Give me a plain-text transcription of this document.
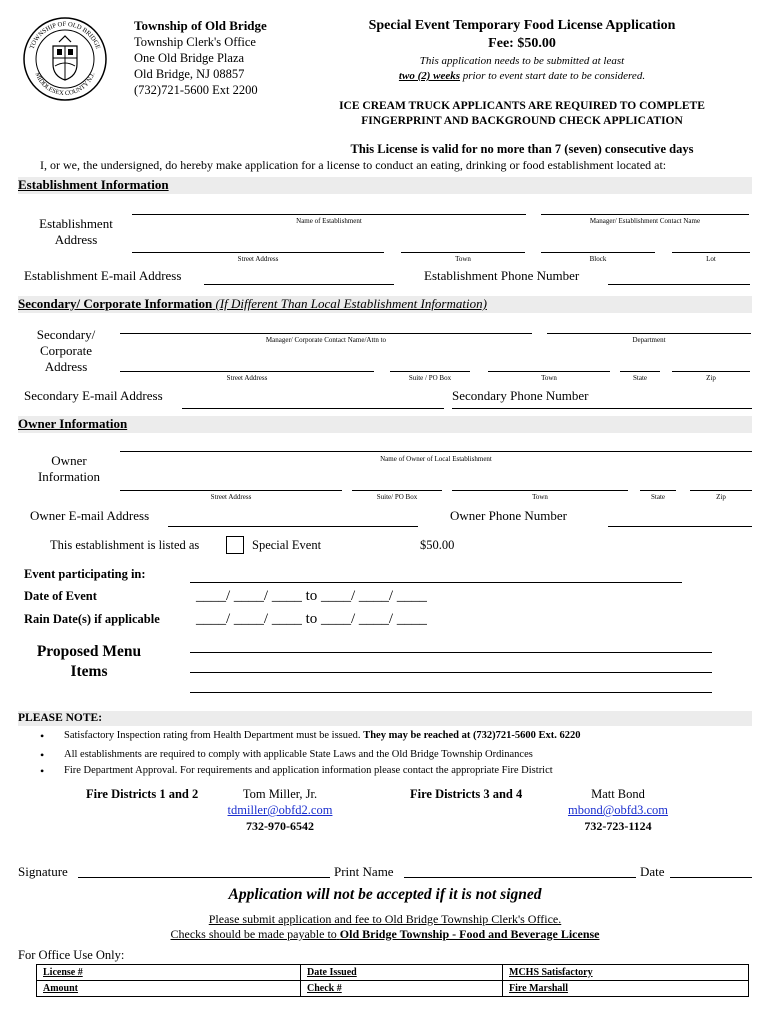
TOWNSHIP OF OLD BRIDGE
MIDDLESEX COUNTY N.J.
Township of Old Bridge
Township Clerk's Office
One Old Bridge Plaza
Old Bridge, NJ 08857
(732)721-5600 Ext 2200
Special Event Temporary Food License Application
Fee: $50.00
This application needs to be submitted at least
two (2) weeks prior to event start date to be considered.
ICE CREAM TRUCK APPLICANTS ARE REQUIRED TO COMPLETE
FINGERPRINT AND BACKGROUND CHECK APPLICATION
This License is valid for no more than 7 (seven) consecutive days
I, or we, the undersigned, do hereby make application for a license to conduct an eating, drinking or food establishment located at:
Establishment Information
Establishment
Address
Name of Establishment	Manager/ Establishment Contact Name
Street Address	Town	Block	Lot
Establishment E-mail Address	Establishment Phone Number
Secondary/ Corporate Information (If Different Than Local Establishment Information)
Secondary/
Corporate
Address
Manager/ Corporate Contact Name/Attn to	Department
Street Address	Suite / PO Box	Town	State	Zip
Secondary E-mail Address	Secondary Phone Number
Owner Information
Owner
Information
Name of Owner of Local Establishment
Street Address	Suite/ PO Box	Town	State	Zip
Owner E-mail Address	Owner Phone Number
This establishment is listed as	Special Event	$50.00
Event participating in:
Date of Event	____/ ____/ ____ to ____/ ____/ ____
Rain Date(s) if applicable ____/ ____/ ____ to ____/ ____/ ____
Proposed Menu
Items
PLEASE NOTE:
• Satisfactory Inspection rating from Health Department must be issued. They may be reached at (732)721-5600 Ext. 6220
• All establishments are required to comply with applicable State Laws and the Old Bridge Township Ordinances
• Fire Department Approval. For requirements and application information please contact the appropriate Fire District
Fire Districts 1 and 2	Tom Miller, Jr.
tdmiller@obfd2.com
732-970-6542
Fire Districts 3 and 4	Matt Bond
mbond@obfd3.com
732-723-1124
Signature	Print Name	Date
Application will not be accepted if it is not signed
Please submit application and fee to Old Bridge Township Clerk's Office.
Checks should be made payable to Old Bridge Township - Food and Beverage License
For Office Use Only:
License #	Date Issued	MCHS Satisfactory
Amount	Check #	Fire Marshall
